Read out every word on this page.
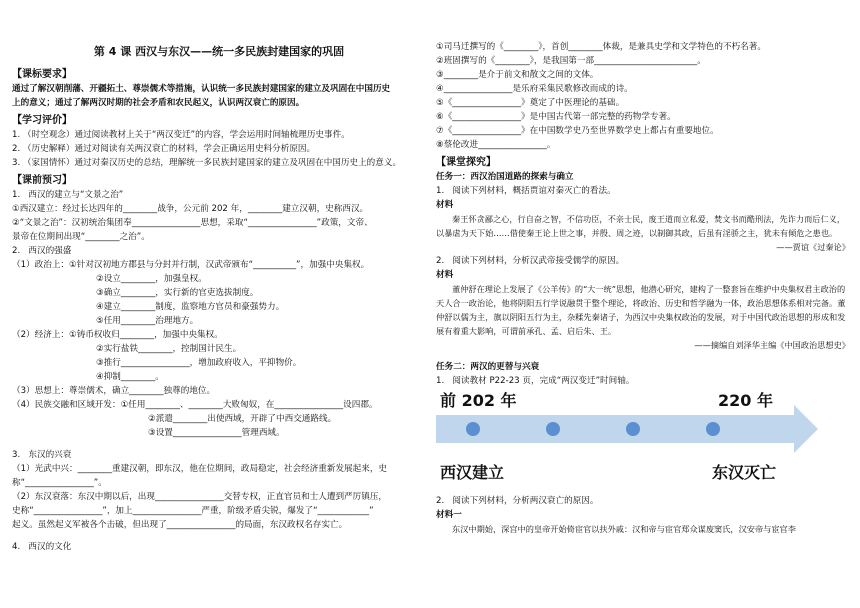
第 4 课 西汉与东汉——统一多民族封建国家的巩固
【课标要求】

通过了解汉朝削藩、开疆拓土、尊崇儒术等措施，认识统一多民族封建国家的建立及巩固在中国历史

上的意义；通过了解两汉时期的社会矛盾和农民起义，认识两汉衰亡的原因。

【学习评价】

1. （时空观念）通过阅读教材上关于“两汉变迁”的内容，学会运用时间轴梳理历史事件。

2. （历史解释）通过对阅读有关两汉衰亡的材料，学会正确运用史料分析原因。

3. （家国情怀）通过对秦汉历史的总结，理解统一多民族封建国家的建立及巩固在中国历史上的意义。

【课前预习】

1.   西汉的建立与“文景之治”

①西汉建立：经过长达四年的________战争，公元前 202 年，________建立汉朝，史称西汉。

②“文景之治”：汉初统治集团奉________________思想，采取“________________”政策，文帝、

景帝在位期间出现“________之治”。

2.   西汉的强盛

（1）政治上：①针对汉初地方郡县与分封并行制，汉武帝颁布“__________”，加强中央集权。

②设立________，加强皇权。

③确立________，实行新的官吏选拔制度。

④建立________制度，监察地方官员和豪强势力。

⑤任用________治理地方。

（2）经济上：①铸币权收归________，加强中央集权。

②实行盐铁________，控制国计民生。

③推行________________，增加政府收入，平抑物价。

④抑制________。

（3）思想上：尊崇儒术，确立________独尊的地位。

（4）民族交融和区域开发：①任用________、________大败匈奴，在________________设四郡。

②派遣________出使西域，开辟了中西交通路线。

③设置________________管理西域。

3.   东汉的兴衰

（1）光武中兴：________重建汉朝，即东汉，他在位期间，政局稳定，社会经济重新发展起来，史

称“________________”。

（2）东汉衰落：东汉中期以后，出现________________交替专权，正直官员和士人遭到严厉镇压，

史称“________________”，加上________________严重，阶级矛盾尖锐，爆发了“____________”

起义。虽然起义军被各个击破，但出现了________________的局面，东汉政权名存实亡。

4.   西汉的文化

①司马迁撰写的《________》，首创________体裁，是兼具史学和文学特色的不朽名著。

②班固撰写的《________》，是我国第一部________________________。

③________是介于前文和散文之间的文体。

④________________是乐府采集民歌修改而成的诗。

⑤《________________》奠定了中医理论的基础。

⑥《________________》是中国古代第一部完整的药物学专著。

⑦《________________》在中国数学史乃至世界数学史上都占有重要地位。

⑧蔡伦改进________________。

【课堂探究】

任务一：西汉治国道路的探索与确立

1.   阅读下列材料，概括贾谊对秦灭亡的看法。

材料

秦王怀贪鄙之心，行自奋之智，不信功臣，不亲士民，废王道而立私爱，焚文书而酷刑法，先诈力而后仁义，以暴虐为天下始……借使秦王论上世之事，并殷、周之迹，以制御其政，后虽有淫骄之主，犹未有倾危之患也。

——贾谊《过秦论》

2.   阅读下列材料，分析汉武帝接受儒学的原因。

材料

董仲舒在理论上发展了《公羊传》的“大一统”思想，他潜心研究，建构了一整套旨在维护中央集权君主政治的天人合一政治论，他将阴阳五行学说融贯于整个理论，将政治、历史和哲学融为一体，政治思想体系相对完备。董仲舒以儒为主，旗以阴阳五行为主，杂糅先秦诸子，为西汉中央集权政治的发展，对于中国代政治思想的形成和发展有着重大影响，可谓前承孔、孟、启后朱、王。

——摘编自刘泽华主编《中国政治思想史》

任务二：两汉的更替与兴衰

1.   阅读教材 P22-23 页，完成“两汉变迁”时间轴。

前 202 年	220 年
西汉建立	东汉灭亡

2.   阅读下列材料，分析两汉衰亡的原因。

材料一

东汉中期始，深宫中的皇帝开始倚宦官以扶外戚：汉和帝与宦官郑众谋废窦氏，汉安帝与宦官李
